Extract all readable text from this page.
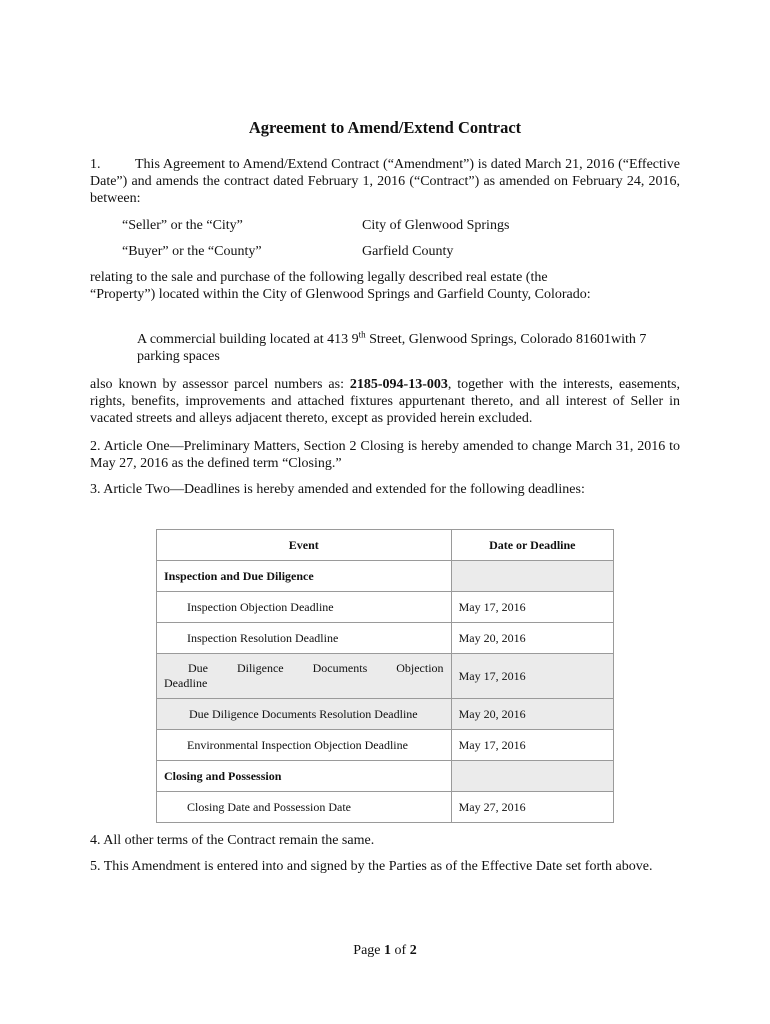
Agreement to Amend/Extend Contract
1. This Agreement to Amend/Extend Contract (“Amendment”) is dated March 21, 2016 (“Effective Date”) and amends the contract dated February 1, 2016 (“Contract”) as amended on February 24, 2016, between:
“Seller” or the “City”	City of Glenwood Springs
“Buyer” or the “County”	Garfield County
relating to the sale and purchase of the following legally described real estate (the “Property”) located within the City of Glenwood Springs and Garfield County, Colorado:
A commercial building located at 413 9th Street, Glenwood Springs, Colorado 81601with 7 parking spaces
also known by assessor parcel numbers as: 2185-094-13-003, together with the interests, easements, rights, benefits, improvements and attached fixtures appurtenant thereto, and all interest of Seller in vacated streets and alleys adjacent thereto, except as provided herein excluded.
2. Article One—Preliminary Matters, Section 2 Closing is hereby amended to change March 31, 2016 to May 27, 2016 as the defined term “Closing.”
3. Article Two—Deadlines is hereby amended and extended for the following deadlines:
Event	Date or Deadline
Inspection and Due Diligence	
Inspection Objection Deadline	May 17, 2016
Inspection Resolution Deadline	May 20, 2016

Due Diligence Documents Objection
Deadline	May 17, 2016
Due Diligence Documents Resolution Deadline	May 20, 2016
Environmental Inspection Objection Deadline	May 17, 2016
Closing and Possession	
Closing Date and Possession Date	May 27, 2016
4. All other terms of the Contract remain the same.
5. This Amendment is entered into and signed by the Parties as of the Effective Date set forth above.
Page 1 of 2
